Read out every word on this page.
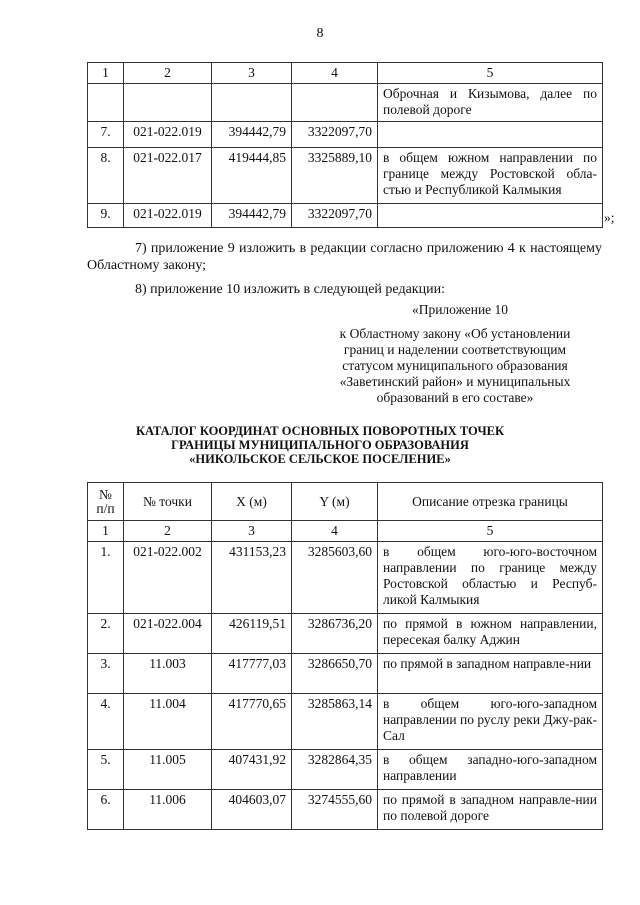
8
1	2	3	4	5
				Оброчная и Кизымова, далее по полевой дороге
7.	021-022.019	394442,79	3322097,70	
8.	021-022.017	419444,85	3325889,10	в общем южном направлении по границе между Ростовской обла-стью и Республикой Калмыкия
9.	021-022.019	394442,79	3322097,70		»;
7) приложение 9 изложить в редакции согласно приложению 4 к настоящему Областному закону;
8) приложение 10 изложить в следующей редакции:
«Приложение 10
к Областному закону «Об установлении
границ и наделении соответствующим
статусом муниципального образования
«Заветинский район» и муниципальных
образований в его составе»
КАТАЛОГ КООРДИНАТ ОСНОВНЫХ ПОВОРОТНЫХ ТОЧЕК
ГРАНИЦЫ МУНИЦИПАЛЬНОГО ОБРАЗОВАНИЯ
«НИКОЛЬСКОЕ СЕЛЬСКОЕ ПОСЕЛЕНИЕ»
№ п/п	№ точки	X (м)	Y (м)	Описание отрезка границы
1	2	3	4	5
1.	021-022.002	431153,23	3285603,60	в общем юго-юго-восточном направлении по границе между Ростовской областью и Респуб-ликой Калмыкия
2.	021-022.004	426119,51	3286736,20	по прямой в южном направлении, пересекая балку Аджин
3.	11.003	417777,03	3286650,70	по прямой в западном направле-нии
4.	11.004	417770,65	3285863,14	в общем юго-юго-западном направлении по руслу реки Джу-рак-Сал
5.	11.005	407431,92	3282864,35	в общем западно-юго-западном направлении
6.	11.006	404603,07	3274555,60	по прямой в западном направле-нии по полевой дороге
